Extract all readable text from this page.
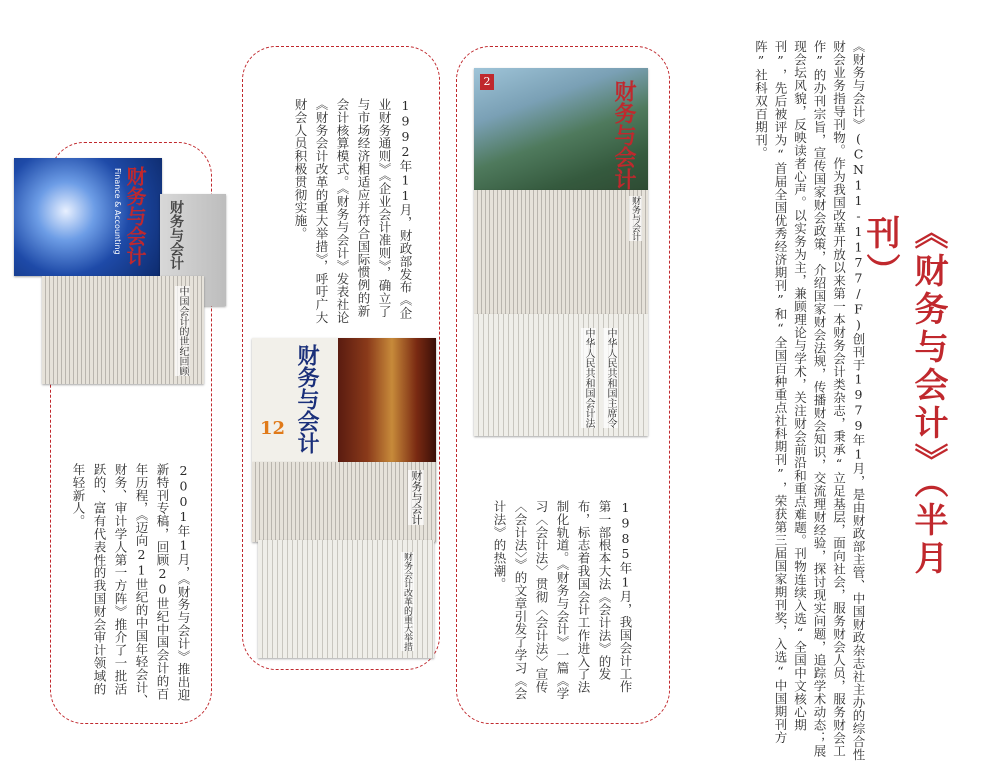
《财务与会计》（半月刊）
《财务与会计》(CN11-1177/F)创刊于1979年1月，是由财政部主管、中国财政杂志社主办的综合性财会业务指导刊物。作为我国改革开放以来第一本财务会计类杂志，秉承“立足基层，面向社会，服务财会人员，服务财会工作”的办刊宗旨，宣传国家财会政策，介绍国家财会法规，传播财会知识，交流理财经验，探讨现实问题，追踪学术动态；展现会坛风貌，反映读者心声。以实务为主，兼顾理论与学术，关注财会前沿和重点难题。刊物连续入选“全国中文核心期刊”，先后被评为“首届全国优秀经济期刊”和“全国百种重点社科期刊”，荣获第三届国家期刊奖，入选“中国期刊方阵”社科双百期刊。
2	财务与会计
财务与会计
中华人民共和国主席令
中华人民共和国会计法
财务与会计
12
财务与会计
财务会计改革的重大举措
财务与会计
Finance & Accounting	财务与会计
中国会计的世纪回顾
1985年1月，我国会计工作第一部根本大法《会计法》的发布，标志着我国会计工作进入了法制化轨道。《财务与会计》一篇《学习〈会计法〉贯彻〈会计法〉宣传〈会计法〉》的文章引发了学习《会计法》的热潮。
1992年11月，财政部发布《企业财务通则》《企业会计准则》，确立了与市场经济相适应并符合国际惯例的新会计核算模式。《财务与会计》发表社论《财务会计改革的重大举措》，呼吁广大财会人员积极贯彻实施。
2001年1月，《财务与会计》推出迎新特刊专稿，回顾20世纪中国会计的百年历程，《迈向21世纪的中国年轻会计、财务、审计学人第一方阵》推介了一批活跃的、富有代表性的我国财会审计领域的年轻新人。
